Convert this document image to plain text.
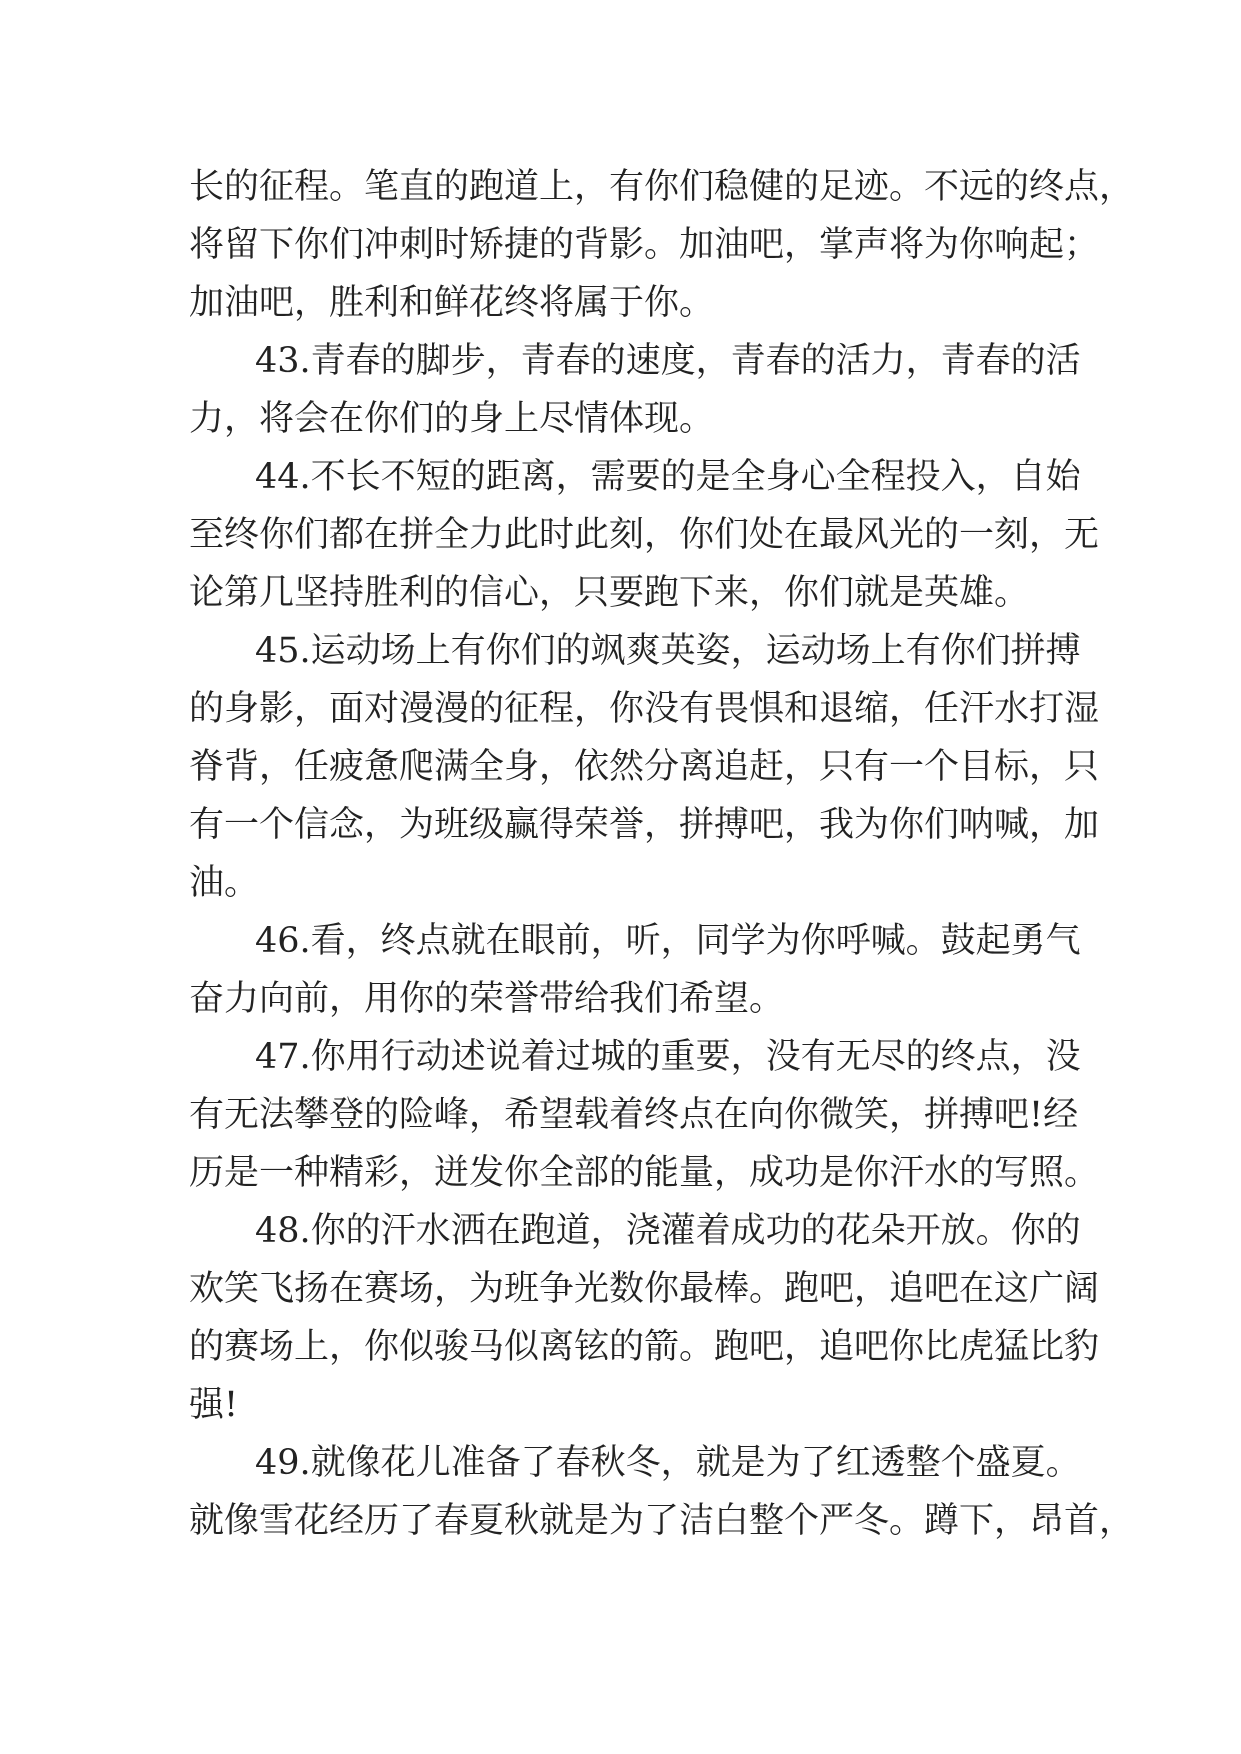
长的征程。笔直的跑道上，有你们稳健的足迹。不远的终点，
将留下你们冲刺时矫捷的背影。加油吧，掌声将为你响起；
加油吧，胜利和鲜花终将属于你。
43.青春的脚步，青春的速度，青春的活力，青春的活
力，将会在你们的身上尽情体现。
44.不长不短的距离，需要的是全身心全程投入，自始
至终你们都在拼全力此时此刻，你们处在最风光的一刻，无
论第几坚持胜利的信心，只要跑下来，你们就是英雄。
45.运动场上有你们的飒爽英姿，运动场上有你们拼搏
的身影，面对漫漫的征程，你没有畏惧和退缩，任汗水打湿
脊背，任疲惫爬满全身，依然分离追赶，只有一个目标，只
有一个信念，为班级赢得荣誉，拼搏吧，我为你们呐喊，加
油。
46.看，终点就在眼前，听，同学为你呼喊。鼓起勇气
奋力向前，用你的荣誉带给我们希望。
47.你用行动述说着过城的重要，没有无尽的终点，没
有无法攀登的险峰，希望载着终点在向你微笑，拼搏吧!经
历是一种精彩，迸发你全部的能量，成功是你汗水的写照。
48.你的汗水洒在跑道，浇灌着成功的花朵开放。你的
欢笑飞扬在赛场，为班争光数你最棒。跑吧，追吧在这广阔
的赛场上，你似骏马似离铉的箭。跑吧，追吧你比虎猛比豹
强!
49.就像花儿准备了春秋冬，就是为了红透整个盛夏。
就像雪花经历了春夏秋就是为了洁白整个严冬。蹲下，昂首，
